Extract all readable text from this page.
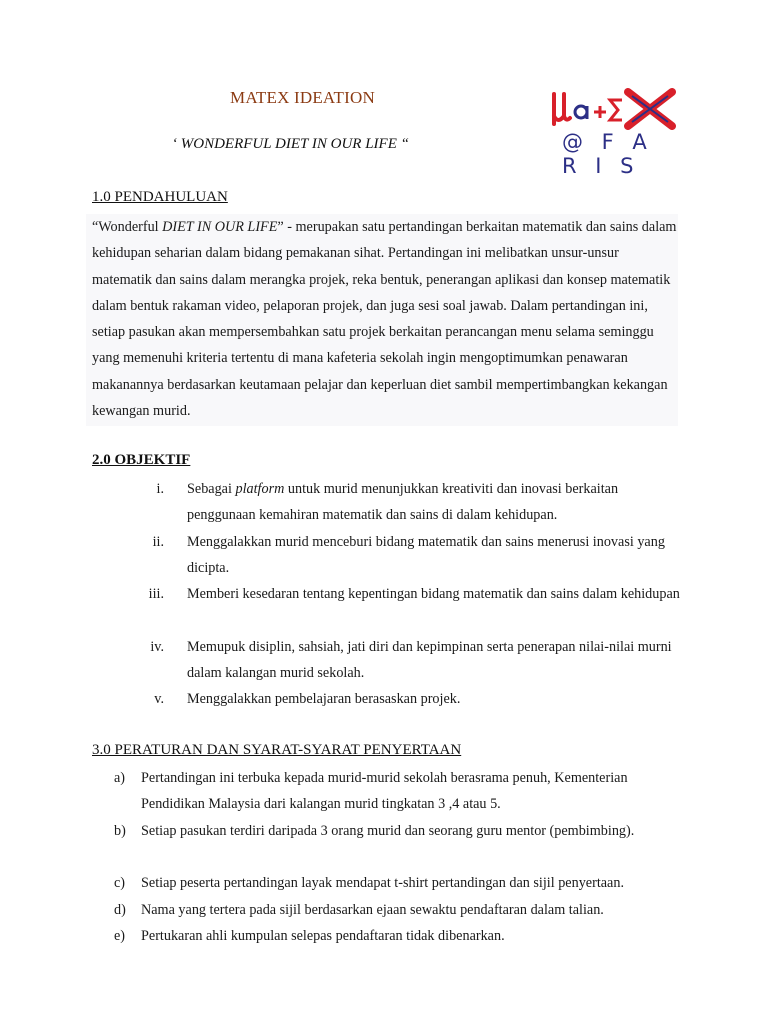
MATEX IDEATION
‘ WONDERFUL DIET IN OUR LIFE “	@ F A R I S
1.0 PENDAHULUAN
“Wonderful DIET IN OUR LIFE” - merupakan satu pertandingan berkaitan matematik dan sains dalam kehidupan seharian dalam bidang pemakanan sihat. Pertandingan ini melibatkan unsur-unsur matematik dan sains dalam merangka projek, reka bentuk, penerangan aplikasi dan konsep matematik dalam bentuk rakaman video, pelaporan projek, dan juga sesi soal jawab. Dalam pertandingan ini, setiap pasukan akan mempersembahkan satu projek berkaitan perancangan menu selama seminggu yang memenuhi kriteria tertentu di mana kafeteria sekolah ingin mengoptimumkan penawaran makanannya berdasarkan keutamaan pelajar dan keperluan diet sambil mempertimbangkan kekangan kewangan murid.
2.0 OBJEKTIF
i. Sebagai platform untuk murid menunjukkan kreativiti dan inovasi berkaitan penggunaan kemahiran matematik dan sains di dalam kehidupan.
ii. Menggalakkan murid menceburi bidang matematik dan sains menerusi inovasi yang dicipta.
iii. Memberi kesedaran tentang kepentingan bidang matematik dan sains dalam kehidupan
iv. Memupuk disiplin, sahsiah, jati diri dan kepimpinan serta penerapan nilai-nilai murni dalam kalangan murid sekolah.
v. Menggalakkan pembelajaran berasaskan projek.
3.0 PERATURAN DAN SYARAT-SYARAT PENYERTAAN
a)	Pertandingan ini terbuka kepada murid-murid sekolah berasrama penuh, Kementerian Pendidikan Malaysia dari kalangan murid tingkatan 3 ,4 atau 5.
b)	Setiap pasukan terdiri daripada 3 orang murid dan seorang guru mentor (pembimbing).
c)	Setiap peserta pertandingan layak mendapat t-shirt pertandingan dan sijil penyertaan.
d)	Nama yang tertera pada sijil berdasarkan ejaan sewaktu pendaftaran dalam talian.
e)	Pertukaran ahli kumpulan selepas pendaftaran tidak dibenarkan.
